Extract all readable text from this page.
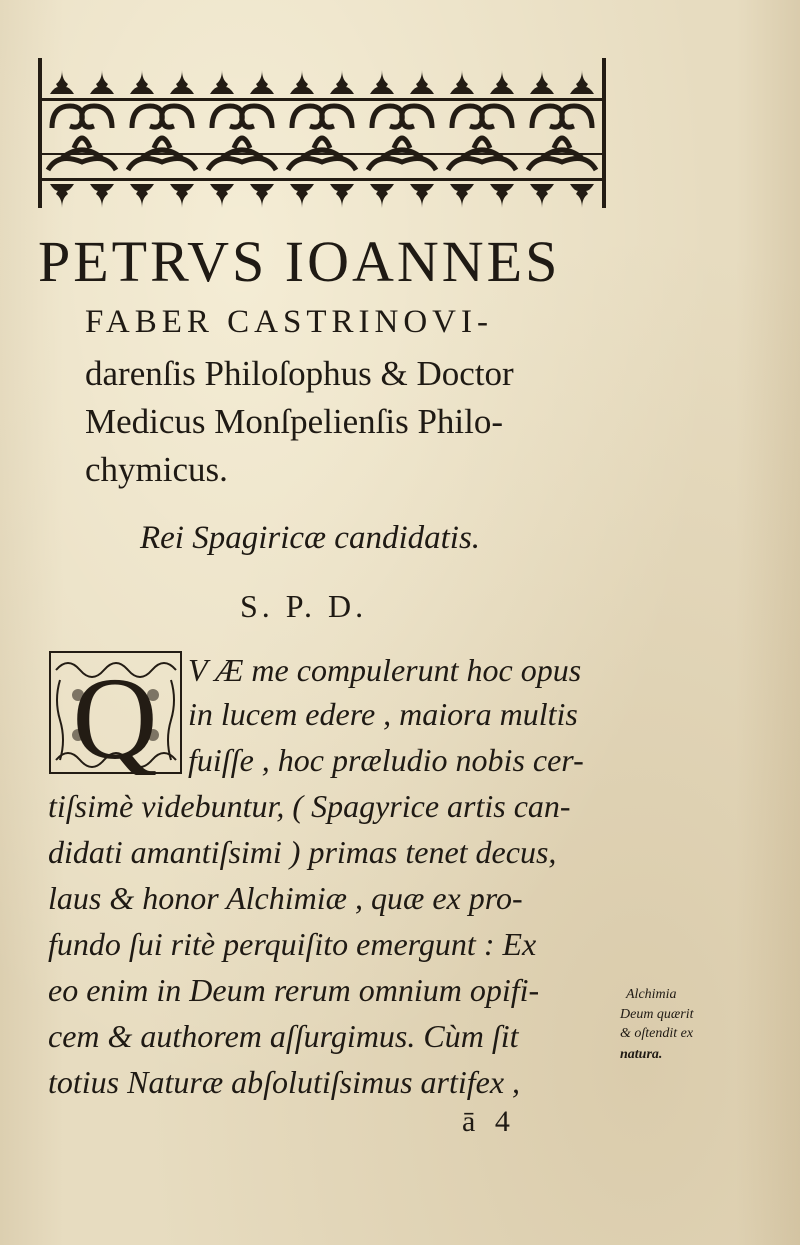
PETRVS IOANNES
FABER CASTRINOVI-
darenſis Philoſophus & Doctor
Medicus Monſpelienſis Philo-
chymicus.
Rei Spagiricæ candidatis.
S. P. D.
Q V Æ me compulerunt hoc opus
in lucem edere , maiora multis
fuiſſe , hoc præludio nobis cer-
tiſsimè videbuntur, ( Spagyrice artis can-
didati amantiſsimi ) primas tenet decus,
laus & honor Alchimiæ , quæ ex pro-
fundo ſui ritè perquiſito emergunt : Ex
eo enim in Deum rerum omnium opifi-
cem & authorem aſſurgimus. Cùm ſit
totius Naturæ abſolutiſsimus artifex ,
Alchimia
Deum quærit
& oſtendit ex
natura.
ā 4
